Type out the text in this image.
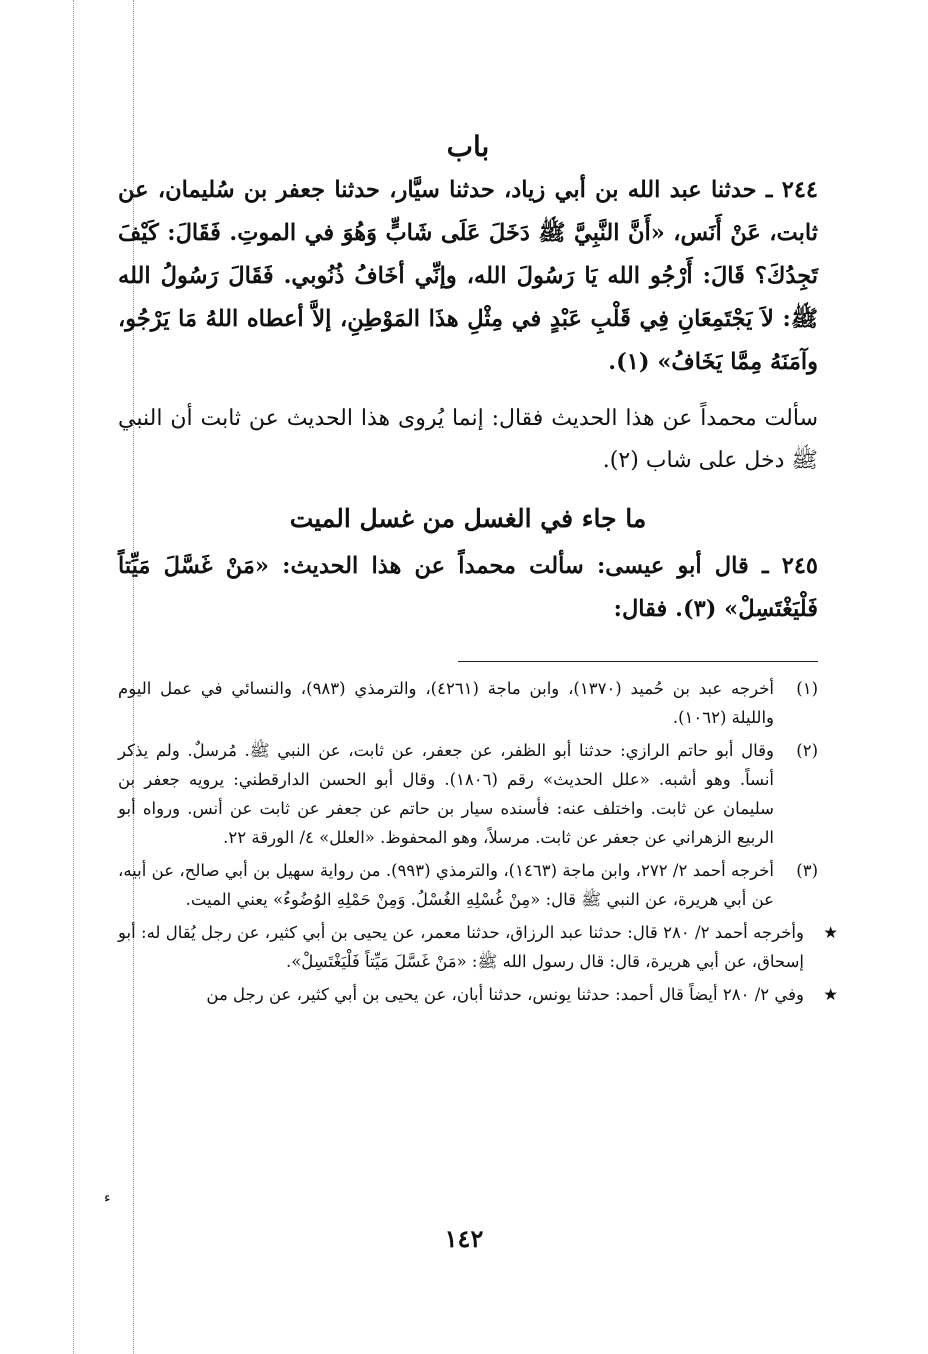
باب

٢٤٤ ـ حدثنا عبد الله بن أبي زياد، حدثنا سيَّار، حدثنا جعفر بن سُليمان، عن ثابت، عَنْ أَنَس، «أَنَّ النَّبِيَّ ﷺ دَخَلَ عَلَى شَابٍّ وَهُوَ في الموتِ. فَقَالَ: كَيْفَ تَجِدُكَ؟ قَالَ: أَرْجُو الله يَا رَسُولَ الله، وإنِّي أخَافُ ذُنُوبي. فَقَالَ رَسُولُ الله ﷺ: لاَ يَجْتَمِعَانِ فِي قَلْبِ عَبْدٍ في مِثْلِ هذَا المَوْطِنِ، إلاَّ أعطاه اللهُ مَا يَرْجُو، وآمَنَهُ مِمَّا يَخَافُ» (١).

سألت محمداً عن هذا الحديث فقال: إنما يُروى هذا الحديث عن ثابت أن النبي ﷺ دخل على شاب (٢).

ما جاء في الغسل من غسل الميت

٢٤٥ ـ قال أبو عيسى: سألت محمداً عن هذا الحديث: «مَنْ غَسَّلَ مَيِّتاً فَلْيَغْتَسِلْ» (٣). فقال:

(١)
أخرجه عبد بن حُميد (١٣٧٠)، وابن ماجة (٤٢٦١)، والترمذي (٩٨٣)، والنسائي في عمل اليوم والليلة (١٠٦٢).

(٢)
وقال أبو حاتم الرازي: حدثنا أبو الظفر، عن جعفر، عن ثابت، عن النبي ﷺ. مُرسلٌ. ولم يذكر أنساً. وهو أشبه. «علل الحديث» رقم (١٨٠٦). وقال أبو الحسن الدارقطني: يرويه جعفر بن سليمان عن ثابت. واختلف عنه: فأسنده سيار بن حاتم عن جعفر عن ثابت عن أنس. ورواه أبو الربيع الزهراني عن جعفر عن ثابت. مرسلاً، وهو المحفوظ. «العلل» ٤/ الورقة ٢٢.

(٣)
أخرجه أحمد ٢/ ٢٧٢، وابن ماجة (١٤٦٣)، والترمذي (٩٩٣). من رواية سهيل بن أبي صالح، عن أبيه، عن أبي هريرة، عن النبي ﷺ قال: «مِنْ غُسْلِهِ الغُسْلُ. وَمِنْ حَمْلِهِ الوُضُوءُ» يعني الميت.

★
وأخرجه أحمد ٢/ ٢٨٠ قال: حدثنا عبد الرزاق، حدثنا معمر، عن يحيى بن أبي كثير، عن رجل يُقال له: أبو إسحاق، عن أبي هريرة، قال: قال رسول الله ﷺ: «مَنْ غَسَّلَ مَيِّتاً فَلْيَغْتَسِلْ».

★
وفي ٢/ ٢٨٠ أيضاً قال أحمد: حدثنا يونس، حدثنا أبان، عن يحيى بن أبي كثير، عن رجل من

ء
١٤٢
